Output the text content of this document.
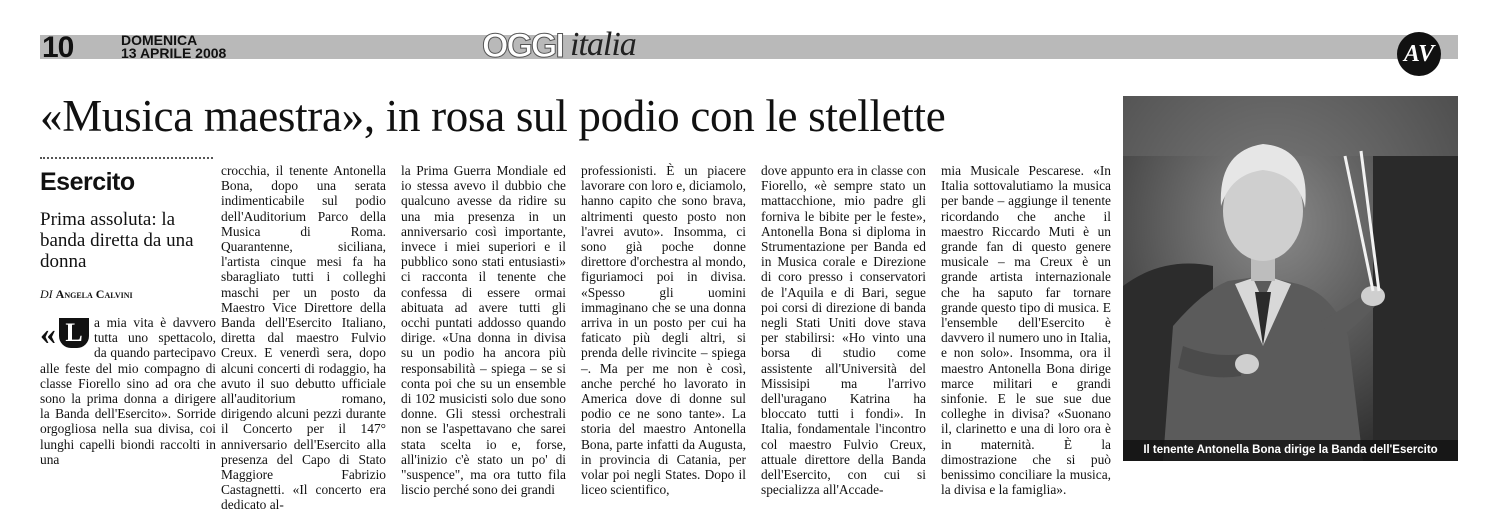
10	DOMENICA
13 APRILE 2008	OGGI italia	AV
«Musica maestra», in rosa sul podio con le stellette
Esercito
Prima assoluta: la banda diretta da una donna
DI Angela Calvini
« L a mia vita è davvero tutta uno spettacolo, da quando partecipavo alle feste del mio compagno di classe Fiorello sino ad ora che sono la prima donna a dirigere la Banda dell'Esercito». Sorride orgogliosa nella sua divisa, coi lunghi capelli biondi raccolti in una

crocchia, il tenente Antonella Bona, dopo una serata indimenticabile sul podio dell'Auditorium Parco della Musica di Roma. Quarantenne, siciliana, l'artista cinque mesi fa ha sbaragliato tutti i colleghi maschi per un posto da Maestro Vice Direttore della Banda dell'Esercito Italiano, diretta dal maestro Fulvio Creux. E venerdì sera, dopo alcuni concerti di rodaggio, ha avuto il suo debutto ufficiale all'auditorium romano, dirigendo alcuni pezzi durante il Concerto per il 147° anniversario dell'Esercito alla presenza del Capo di Stato Maggiore Fabrizio Castagnetti. «Il concerto era dedicato al-

la Prima Guerra Mondiale ed io stessa avevo il dubbio che qualcuno avesse da ridire su una mia presenza in un anniversario così importante, invece i miei superiori e il pubblico sono stati entusiasti» ci racconta il tenente che confessa di essere ormai abituata ad avere tutti gli occhi puntati addosso quando dirige. «Una donna in divisa su un podio ha ancora più responsabilità – spiega – se si conta poi che su un ensemble di 102 musicisti solo due sono donne. Gli stessi orchestrali non se l'aspettavano che sarei stata scelta io e, forse, all'inizio c'è stato un po' di "suspence", ma ora tutto fila liscio perché sono dei grandi

professionisti. È un piacere lavorare con loro e, diciamolo, hanno capito che sono brava, altrimenti questo posto non l'avrei avuto». Insomma, ci sono già poche donne direttore d'orchestra al mondo, figuriamoci poi in divisa. «Spesso gli uomini immaginano che se una donna arriva in un posto per cui ha faticato più degli altri, si prenda delle rivincite – spiega –. Ma per me non è così, anche perché ho lavorato in America dove di donne sul podio ce ne sono tante». La storia del maestro Antonella Bona, parte infatti da Augusta, in provincia di Catania, per volar poi negli States. Dopo il liceo scientifico,

dove appunto era in classe con Fiorello, «è sempre stato un mattacchione, mio padre gli forniva le bibite per le feste», Antonella Bona si diploma in Strumentazione per Banda ed in Musica corale e Direzione di coro presso i conservatori de l'Aquila e di Bari, segue poi corsi di direzione di banda negli Stati Uniti dove stava per stabilirsi: «Ho vinto una borsa di studio come assistente all'Università del Missisipi ma l'arrivo dell'uragano Katrina ha bloccato tutti i fondi». In Italia, fondamentale l'incontro col maestro Fulvio Creux, attuale direttore della Banda dell'Esercito, con cui si specializza all'Accade-

mia Musicale Pescarese. «In Italia sottovalutiamo la musica per bande – aggiunge il tenente ricordando che anche il maestro Riccardo Muti è un grande fan di questo genere musicale – ma Creux è un grande artista internazionale che ha saputo far tornare grande questo tipo di musica. E l'ensemble dell'Esercito è davvero il numero uno in Italia, e non solo». Insomma, ora il maestro Antonella Bona dirige marce militari e grandi sinfonie. E le sue sue due colleghe in divisa? «Suonano il, clarinetto e una di loro ora è in maternità. È la dimostrazione che si può benissimo conciliare la musica, la divisa e la famiglia».

Il tenente Antonella Bona dirige la Banda dell'Esercito
